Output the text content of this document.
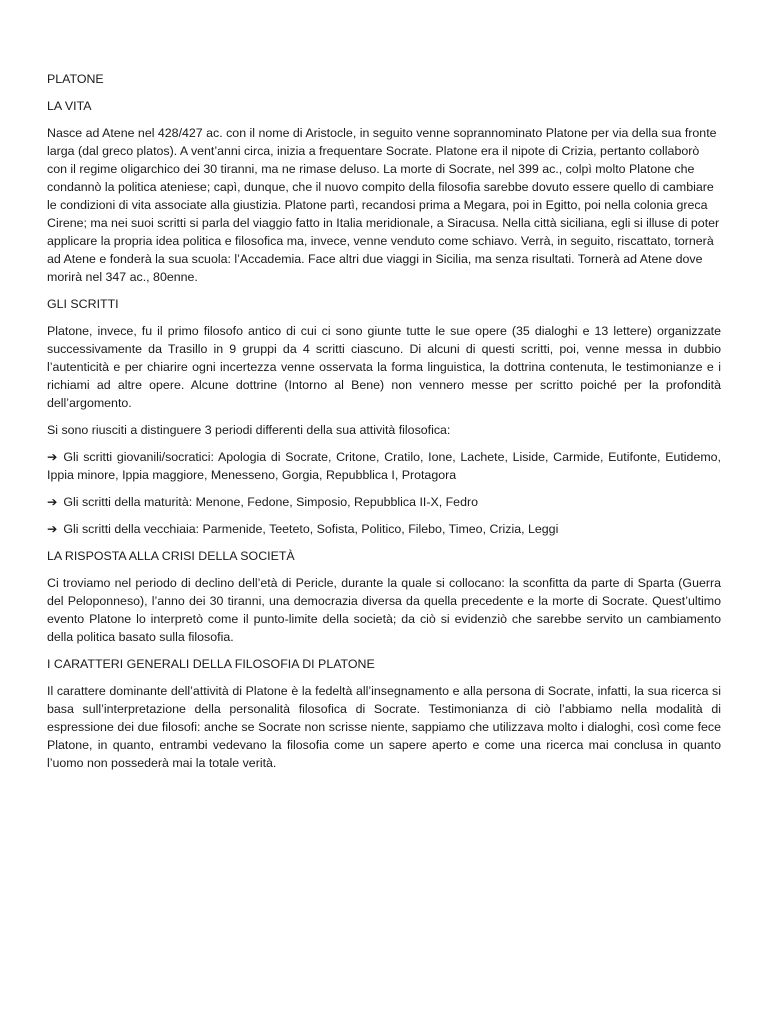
PLATONE

LA VITA

Nasce ad Atene nel 428/427 ac. con il nome di Aristocle, in seguito venne soprannominato Platone per via della sua fronte larga (dal greco platos). A vent’anni circa, inizia a frequentare Socrate. Platone era il nipote di Crizia, pertanto collaborò con il regime oligarchico dei 30 tiranni, ma ne rimase deluso. La morte di Socrate, nel 399 ac., colpì molto Platone che condannò la politica ateniese; capì, dunque, che il nuovo compito della filosofia sarebbe dovuto essere quello di cambiare le condizioni di vita associate alla giustizia. Platone partì, recandosi prima a Megara, poi in Egitto, poi nella colonia greca Cirene; ma nei suoi scritti si parla del viaggio fatto in Italia meridionale, a Siracusa. Nella città siciliana, egli si illuse di poter applicare la propria idea politica e filosofica ma, invece, venne venduto come schiavo. Verrà, in seguito, riscattato, tornerà ad Atene e fonderà la sua scuola: l’Accademia. Face altri due viaggi in Sicilia, ma senza risultati. Tornerà ad Atene dove morirà nel 347 ac., 80enne.

GLI SCRITTI

Platone, invece, fu il primo filosofo antico di cui ci sono giunte tutte le sue opere (35 dialoghi e 13 lettere) organizzate successivamente da Trasillo in 9 gruppi da 4 scritti ciascuno. Di alcuni di questi scritti, poi, venne messa in dubbio l’autenticità e per chiarire ogni incertezza venne osservata la forma linguistica, la dottrina contenuta, le testimonianze e i richiami ad altre opere. Alcune dottrine (Intorno al Bene) non vennero messe per scritto poiché per la profondità dell’argomento.

Si sono riusciti a distinguere 3 periodi differenti della sua attività filosofica:

➔ Gli scritti giovanili/socratici: Apologia di Socrate, Critone, Cratilo, Ione, Lachete, Liside, Carmide, Eutifonte, Eutidemo, Ippia minore, Ippia maggiore, Menesseno, Gorgia, Repubblica I, Protagora

➔ Gli scritti della maturità: Menone, Fedone, Simposio, Repubblica II-X, Fedro

➔ Gli scritti della vecchiaia: Parmenide, Teeteto, Sofista, Politico, Filebo, Timeo, Crizia, Leggi

LA RISPOSTA ALLA CRISI DELLA SOCIETÀ

Ci troviamo nel periodo di declino dell’età di Pericle, durante la quale si collocano: la sconfitta da parte di Sparta (Guerra del Peloponneso), l’anno dei 30 tiranni, una democrazia diversa da quella precedente e la morte di Socrate. Quest’ultimo evento Platone lo interpretò come il punto-limite della società; da ciò si evidenziò che sarebbe servito un cambiamento della politica basato sulla filosofia.

I CARATTERI GENERALI DELLA FILOSOFIA DI PLATONE

Il carattere dominante dell’attività di Platone è la fedeltà all’insegnamento e alla persona di Socrate, infatti, la sua ricerca si basa sull’interpretazione della personalità filosofica di Socrate. Testimonianza di ciò l’abbiamo nella modalità di espressione dei due filosofi: anche se Socrate non scrisse niente, sappiamo che utilizzava molto i dialoghi, così come fece Platone, in quanto, entrambi vedevano la filosofia come un sapere aperto e come una ricerca mai conclusa in quanto l’uomo non possederà mai la totale verità.
